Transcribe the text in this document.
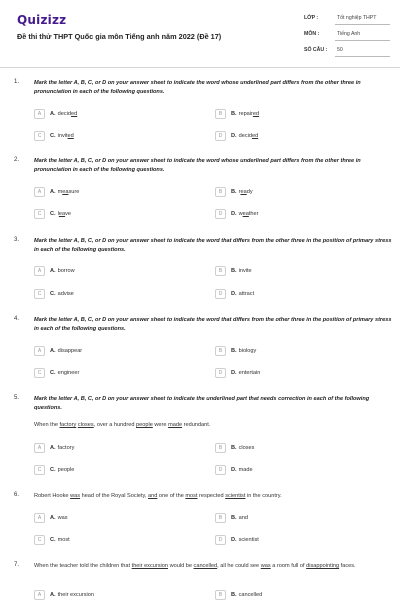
Quizizz
Đề thi thử THPT Quốc gia môn Tiếng anh năm 2022 (Đề 17)
LỚP :	Tốt nghiệp THPT
MÔN :	Tiếng Anh
SỐ CÂU : 50
1.	Mark the letter A, B, C, or D on your answer sheet to indicate the word whose underlined part differs from the other three in pronunciation in each of the following questions.
A	A. decided	B	B. repaired
C	C. invited	D	D. decided
2.	Mark the letter A, B, C, or D on your answer sheet to indicate the word whose underlined part differs from the other three in pronunciation in each of the following questions.
A	A. measure	B	B. ready
C	C. leave	D	D. weather
3.	Mark the letter A, B, C, or D on your answer sheet to indicate the word that differs from the other three in the position of primary stress in each of the following questions.
A	A. borrow	B	B. invite
C	C. advise	D	D. attract
4.	Mark the letter A, B, C, or D on your answer sheet to indicate the word that differs from the other three in the position of primary stress in each of the following questions.
A	A. disappear	B	B. biology
C	C. engineer	D	D. entertain
5.	Mark the letter A, B, C, or D on your answer sheet to indicate the underlined part that needs correction in each of the following questions.
When the factory closes, over a hundred people were made redundant.
A	A. factory	B	B. closes
C	C. people	D	D. made
6.	Robert Hooke was head of the Royal Society, and one of the most respected scientist in the country.
A	A. was	B	B. and
C	C. most	D	D. scientist
7.	When the teacher told the children that their excursion would be cancelled, all he could see was a room full of disappointing faces.
A	A. their excursion	B	B. cancelled
